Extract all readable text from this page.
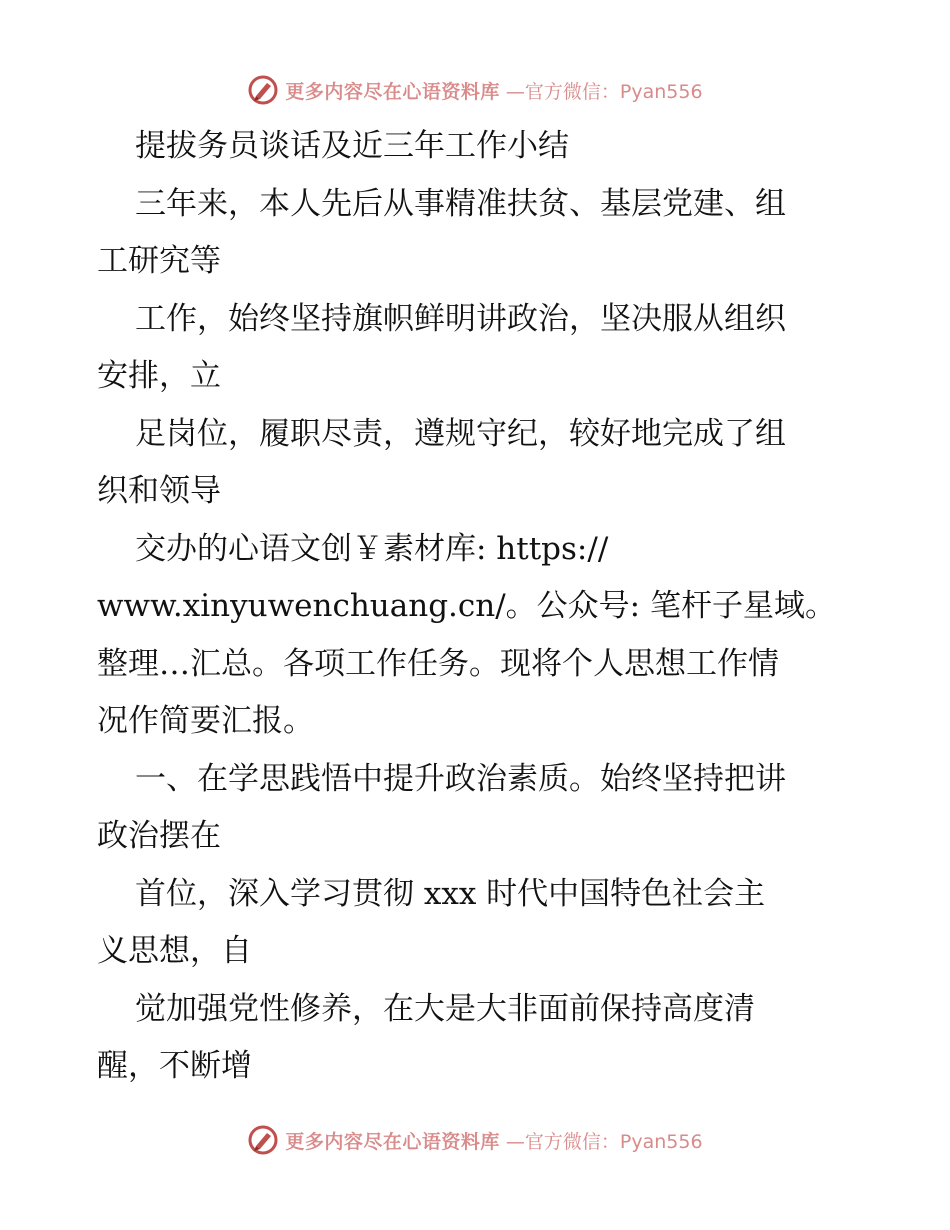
更多内容尽在心语资料库 —官方微信：Pyan556
提拔务员谈话及近三年工作小结
三年来，本人先后从事精准扶贫、基层党建、组
工研究等
工作，始终坚持旗帜鲜明讲政治，坚决服从组织
安排，立
足岗位，履职尽责，遵规守纪，较好地完成了组
织和领导
交办的心语文创￥素材库: https://
www.xinyuwenchuang.cn/。公众号: 笔杆子星域。
整理…汇总。各项工作任务。现将个人思想工作情
况作简要汇报。
一、在学思践悟中提升政治素质。始终坚持把讲
政治摆在
首位，深入学习贯彻 xxx 时代中国特色社会主
义思想，自
觉加强党性修养，在大是大非面前保持高度清
醒，不断增
更多内容尽在心语资料库 —官方微信：Pyan556
